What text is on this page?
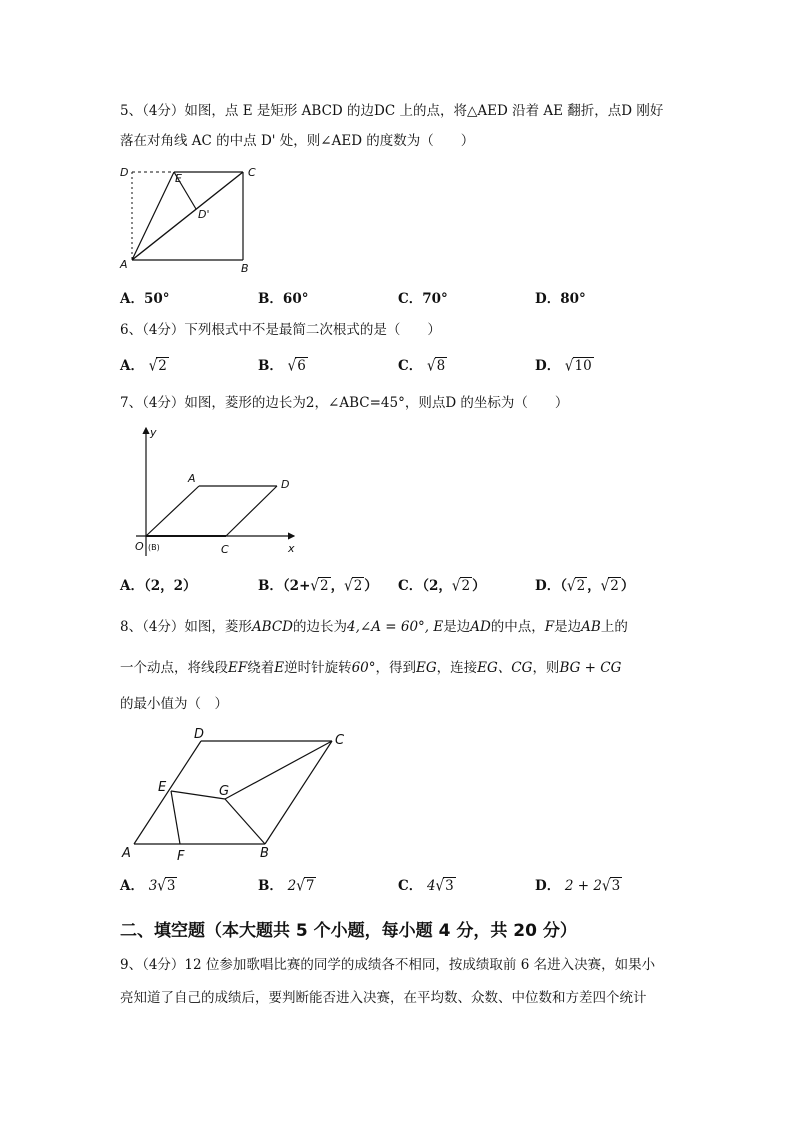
5、（4分）如图，点 E 是矩形 ABCD 的边DC 上的点，将△AED 沿着 AE 翻折，点D 刚好
落在对角线 AC 的中点 D' 处，则∠AED 的度数为（　　）
D	E	C
D'
A	B
A．50°	B．60°	C．70°	D．80°
6、（4分）下列根式中不是最简二次根式的是（　　）
A． √2	B． √6	C． √8	D． √10
7、（4分）如图，菱形的边长为2，∠ABC=45°，则点D 的坐标为（　　）
y
x
A	D
O (B)	C
A．（2，2）	B．（2+√2 ，√2 ） C．（2，√2 ）	D．（√2 ，√2 ）
8、（4分）如图，菱形ABCD的边长为4,∠A = 60°, E是边AD的中点，F是边AB上的
一个动点，将线段EF绕着E逆时针旋转60°，得到EG，连接EG、CG，则BG + CG
的最小值为（　）
D	C
E	G
A	F	B
A． 3√3	B． 2√7	C． 4√3	D． 2 + 2√3
二、填空题（本大题共 5 个小题，每小题 4 分，共 20 分）
9、（4分）12 位参加歌唱比赛的同学的成绩各不相同，按成绩取前 6 名进入决赛，如果小
亮知道了自己的成绩后，要判断能否进入决赛，在平均数、众数、中位数和方差四个统计
